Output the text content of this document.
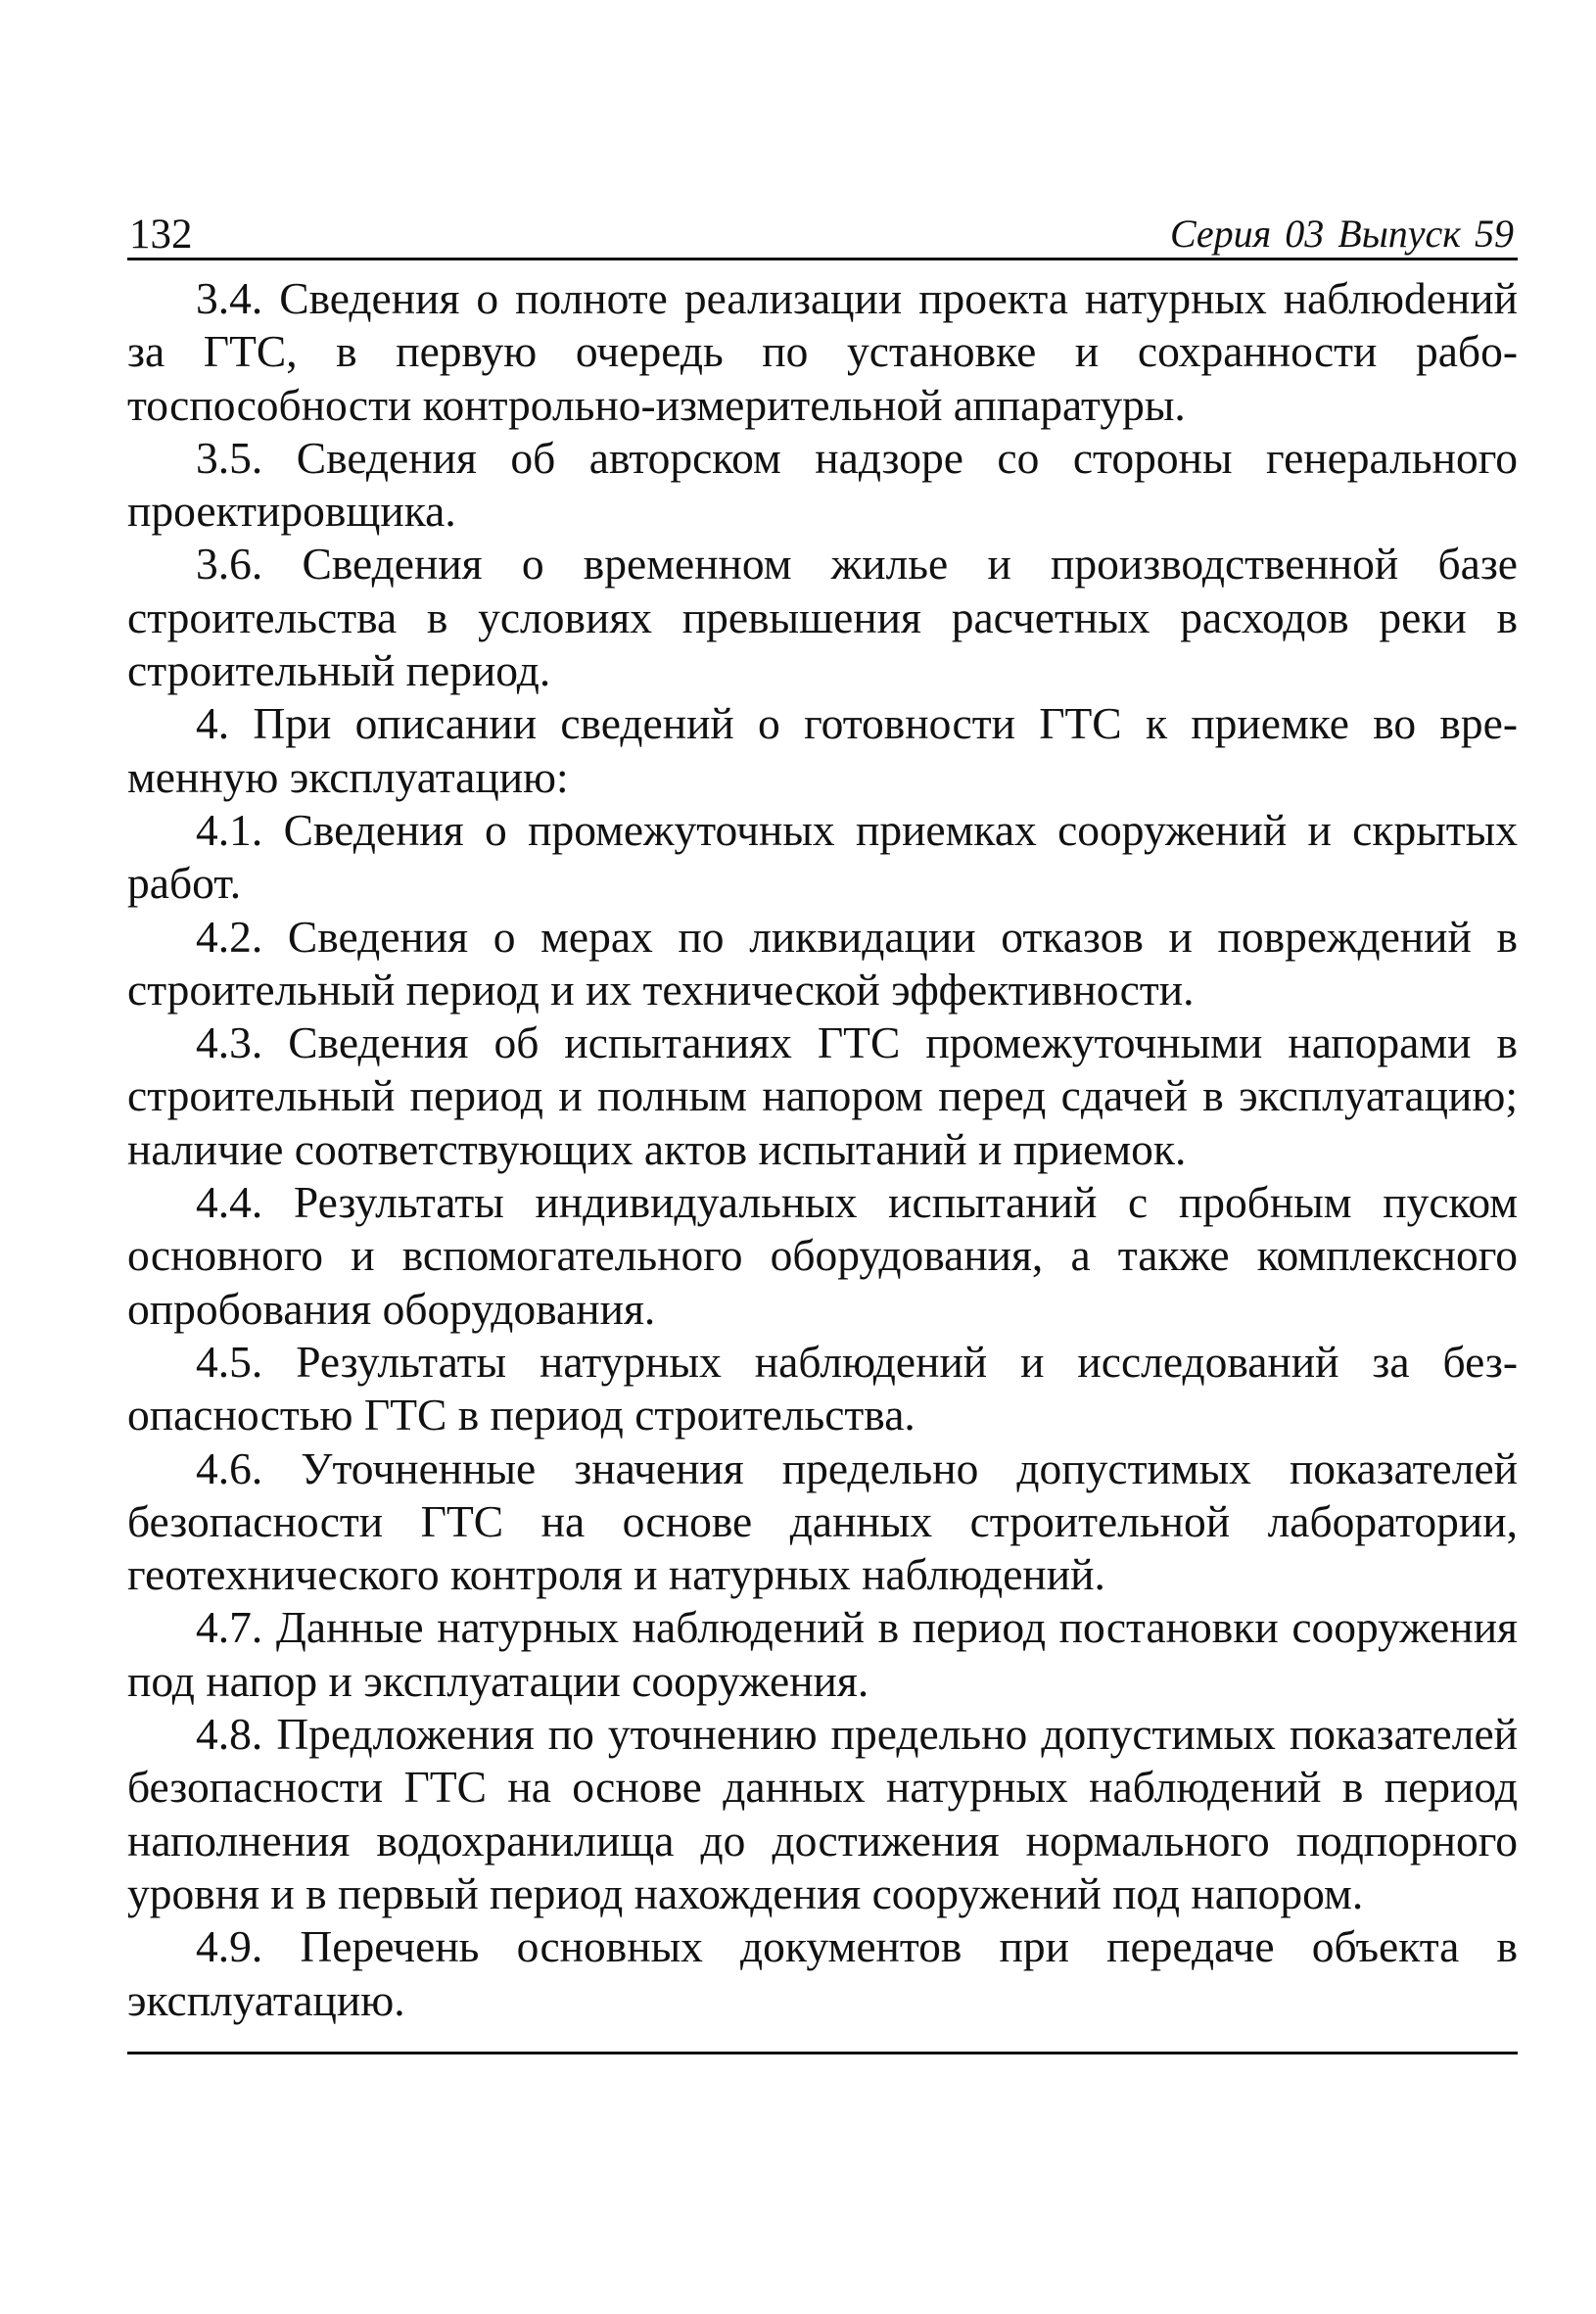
132	Серия 03 Выпуск 59

3.4. Сведения о полноте реализации проекта натурных наблюdений за ГТС, в первую очередь по установке и сохранности работоспособности контрольно-измерительной аппаратуры.

3.5. Сведения об авторском надзоре со стороны генерального проектировщика.

3.6. Сведения о временном жилье и производственной базе строительства в условиях превышения расчетных расходов реки в строительный период.

4. При описании сведений о готовности ГТС к приемке во временную эксплуатацию:

4.1. Сведения о промежуточных приемках сооружений и скрытых работ.

4.2. Сведения о мерах по ликвидации отказов и повреждений в строительный период и их технической эффективности.

4.3. Сведения об испытаниях ГТС промежуточными напорами в строительный период и полным напором перед сдачей в эксплуатацию; наличие соответствующих актов испытаний и приемок.

4.4. Результаты индивидуальных испытаний с пробным пуском основного и вспомогательного оборудования, а также комплексного опробования оборудования.

4.5. Результаты натурных наблюдений и исследований за безопасностью ГТС в период строительства.

4.6. Уточненные значения предельно допустимых показателей безопасности ГТС на основе данных строительной лаборатории, геотехнического контроля и натурных наблюдений.

4.7. Данные натурных наблюдений в период постановки сооружения под напор и эксплуатации сооружения.

4.8. Предложения по уточнению предельно допустимых показателей безопасности ГТС на основе данных натурных наблюдений в период наполнения водохранилища до достижения нормального подпорного уровня и в первый период нахождения сооружений под напором.

4.9. Перечень основных документов при передаче объекта в эксплуатацию.
